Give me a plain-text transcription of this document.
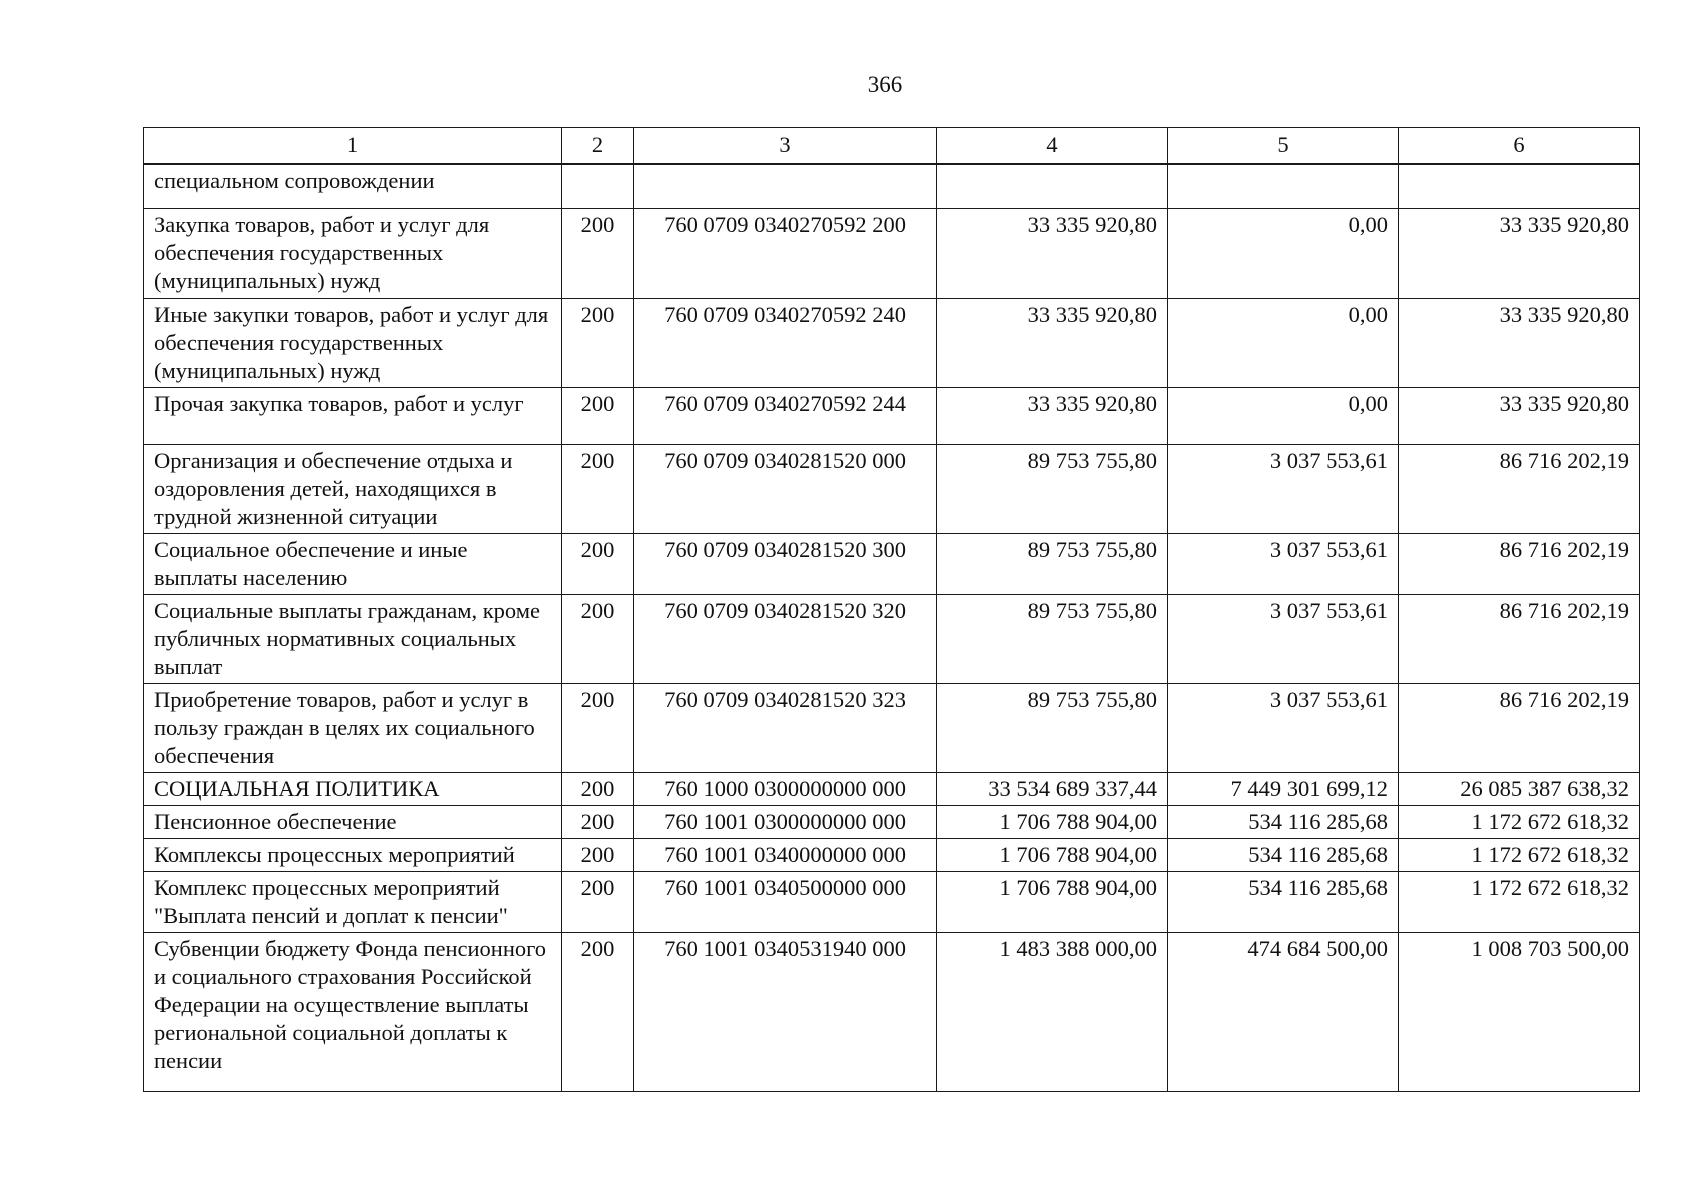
366
1	2	3	4	5	6
специальном сопровождении					
Закупка товаров, работ и услуг для обеспечения государственных (муниципальных) нужд	200	760 0709 0340270592 200	33 335 920,80	0,00	33 335 920,80
Иные закупки товаров, работ и услуг для обеспечения государственных (муниципальных) нужд	200	760 0709 0340270592 240	33 335 920,80	0,00	33 335 920,80
Прочая закупка товаров, работ и услуг	200	760 0709 0340270592 244	33 335 920,80	0,00	33 335 920,80
Организация и обеспечение отдыха и оздоровления детей, находящихся в трудной жизненной ситуации	200	760 0709 0340281520 000	89 753 755,80	3 037 553,61	86 716 202,19
Социальное обеспечение и иные выплаты населению	200	760 0709 0340281520 300	89 753 755,80	3 037 553,61	86 716 202,19
Социальные выплаты гражданам, кроме публичных нормативных социальных выплат	200	760 0709 0340281520 320	89 753 755,80	3 037 553,61	86 716 202,19
Приобретение товаров, работ и услуг в пользу граждан в целях их социального обеспечения	200	760 0709 0340281520 323	89 753 755,80	3 037 553,61	86 716 202,19
СОЦИАЛЬНАЯ ПОЛИТИКА	200	760 1000 0300000000 000	33 534 689 337,44	7 449 301 699,12	26 085 387 638,32
Пенсионное обеспечение	200	760 1001 0300000000 000	1 706 788 904,00	534 116 285,68	1 172 672 618,32
Комплексы процессных мероприятий	200	760 1001 0340000000 000	1 706 788 904,00	534 116 285,68	1 172 672 618,32
Комплекс процессных мероприятий "Выплата пенсий и доплат к пенсии"	200	760 1001 0340500000 000	1 706 788 904,00	534 116 285,68	1 172 672 618,32
Субвенции бюджету Фонда пенсионного и социального страхования Российской Федерации на осуществление выплаты региональной социальной доплаты к пенсии	200	760 1001 0340531940 000	1 483 388 000,00	474 684 500,00	1 008 703 500,00
